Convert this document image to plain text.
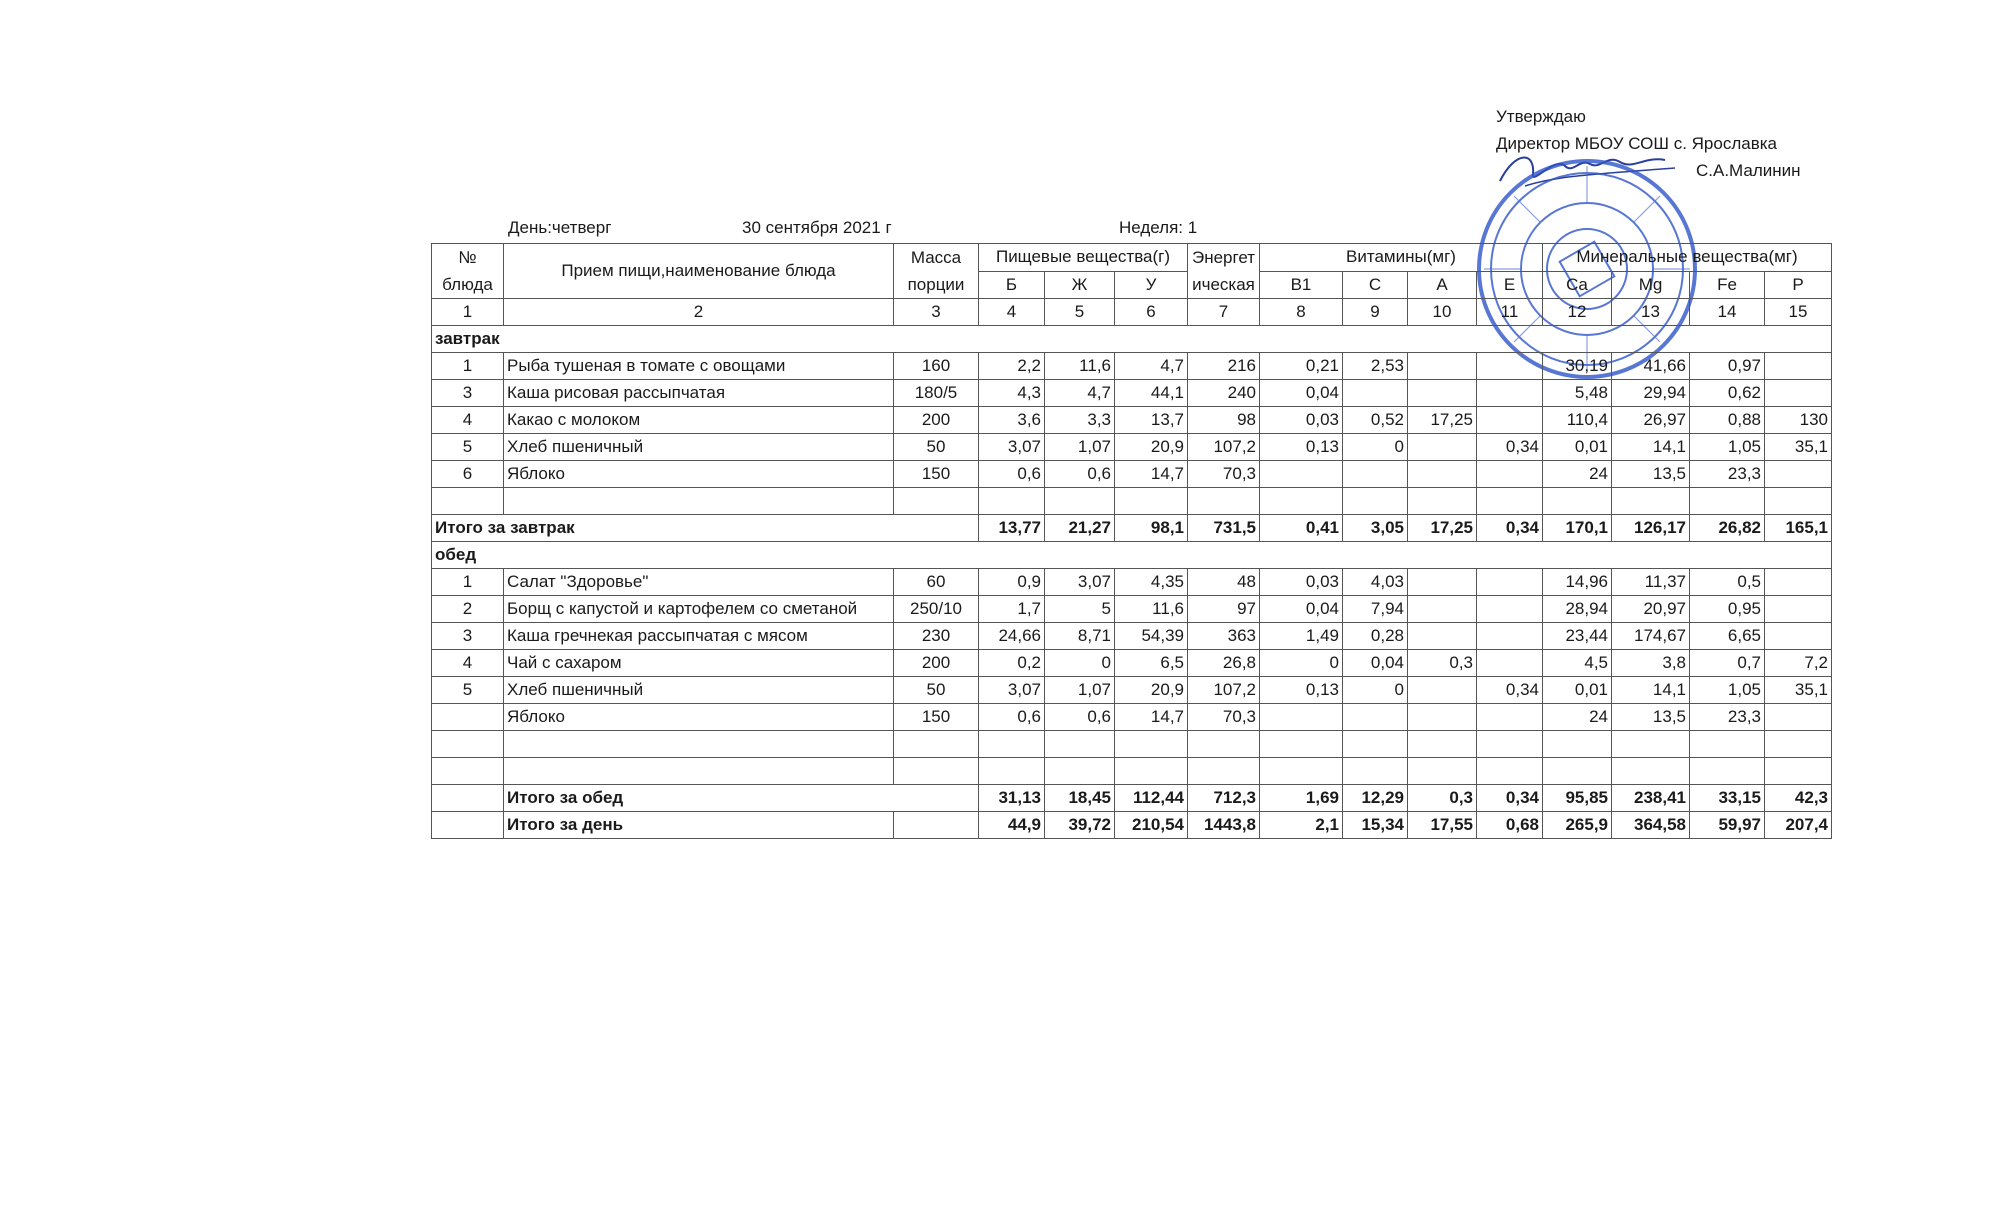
Утверждаю
Директор МБОУ СОШ с. Ярославка
С.А.Малинин
День:четверг	30 сентября 2021 г	Неделя: 1
№ блюда	Прием пищи,наименование блюда	Масса порции	Пищевые вещества(г)			Энергетическая	Витамины(мг)				Минеральные вещества(мг)			
			Б	Ж	У		В1	С	А	Е	Ca	Mg	Fe	P
1	2	3	4	5	6	7	8	9	10	11	12	13	14	15
завтрак														
1	Рыба тушеная в томате с овощами	160	2,2	11,6	4,7	216	0,21	2,53			30,19	41,66	0,97	
3	Каша рисовая рассыпчатая	180/5	4,3	4,7	44,1	240	0,04				5,48	29,94	0,62	
4	Какао с молоком	200	3,6	3,3	13,7	98	0,03	0,52	17,25		110,4	26,97	0,88	130
5	Хлеб пшеничный	50	3,07	1,07	20,9	107,2	0,13	0		0,34	0,01	14,1	1,05	35,1
6	Яблоко	150	0,6	0,6	14,7	70,3					24	13,5	23,3	

Итого за завтрак			13,77	21,27	98,1	731,5	0,41	3,05	17,25	0,34	170,1	126,17	26,82	165,1
обед														
1	Салат "Здоровье"	60	0,9	3,07	4,35	48	0,03	4,03			14,96	11,37	0,5	
2	Борщ с капустой и картофелем со сметаной	250/10	1,7	5	11,6	97	0,04	7,94			28,94	20,97	0,95	
3	Каша гречнекая рассыпчатая с мясом	230	24,66	8,71	54,39	363	1,49	0,28			23,44	174,67	6,65	
4	Чай с сахаром	200	0,2	0	6,5	26,8	0	0,04	0,3		4,5	3,8	0,7	7,2
5	Хлеб пшеничный	50	3,07	1,07	20,9	107,2	0,13	0		0,34	0,01	14,1	1,05	35,1
	Яблоко	150	0,6	0,6	14,7	70,3					24	13,5	23,3	

	Итого за обед		31,13	18,45	112,44	712,3	1,69	12,29	0,3	0,34	95,85	238,41	33,15	42,3
	Итого за день		44,9	39,72	210,54	1443,8	2,1	15,34	17,55	0,68	265,9	364,58	59,97	207,4
